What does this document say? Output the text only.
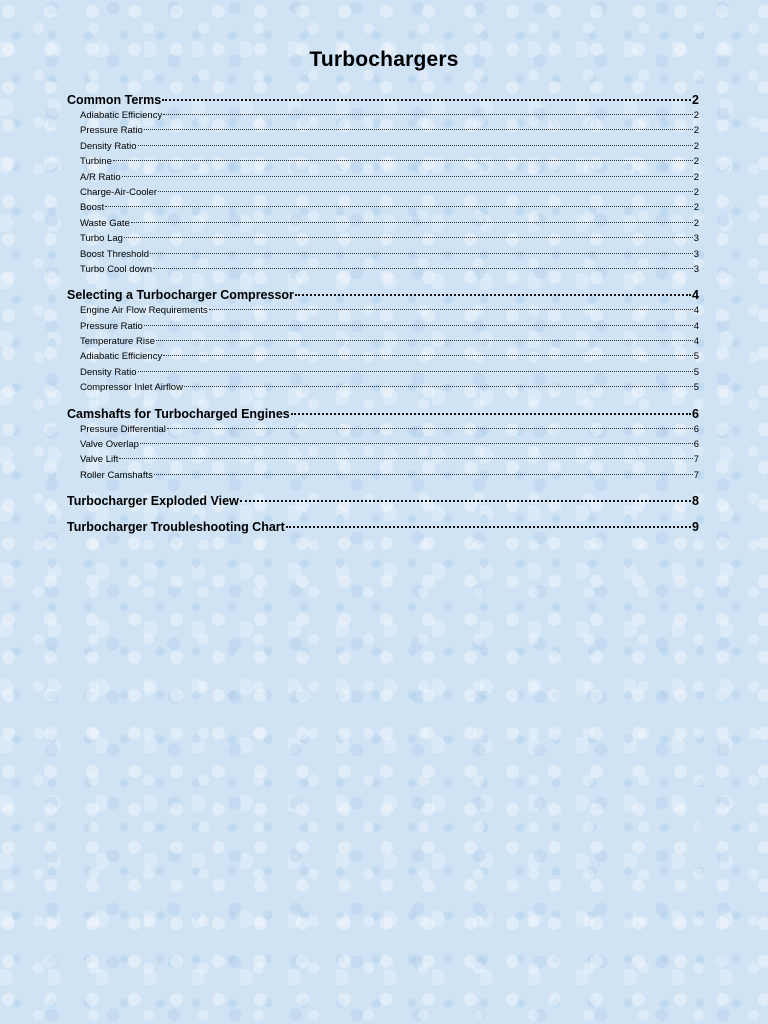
Turbochargers
Common Terms	2
Adiabatic Efficiency	2
Pressure Ratio	2
Density Ratio	2
Turbine	2
A/R Ratio	2
Charge-Air-Cooler	2
Boost	2
Waste Gate	2
Turbo Lag	3
Boost Threshold	3
Turbo Cool down	3
Selecting a Turbocharger Compressor	4
Engine Air Flow Requirements	4
Pressure Ratio	4
Temperature Rise	4
Adiabatic Efficiency	5
Density Ratio	5
Compressor Inlet Airflow	5
Camshafts for Turbocharged Engines	6
Pressure Differential	6
Valve Overlap	6
Valve Lift	7
Roller Camshafts	7
Turbocharger Exploded View	8
Turbocharger Troubleshooting Chart	9
